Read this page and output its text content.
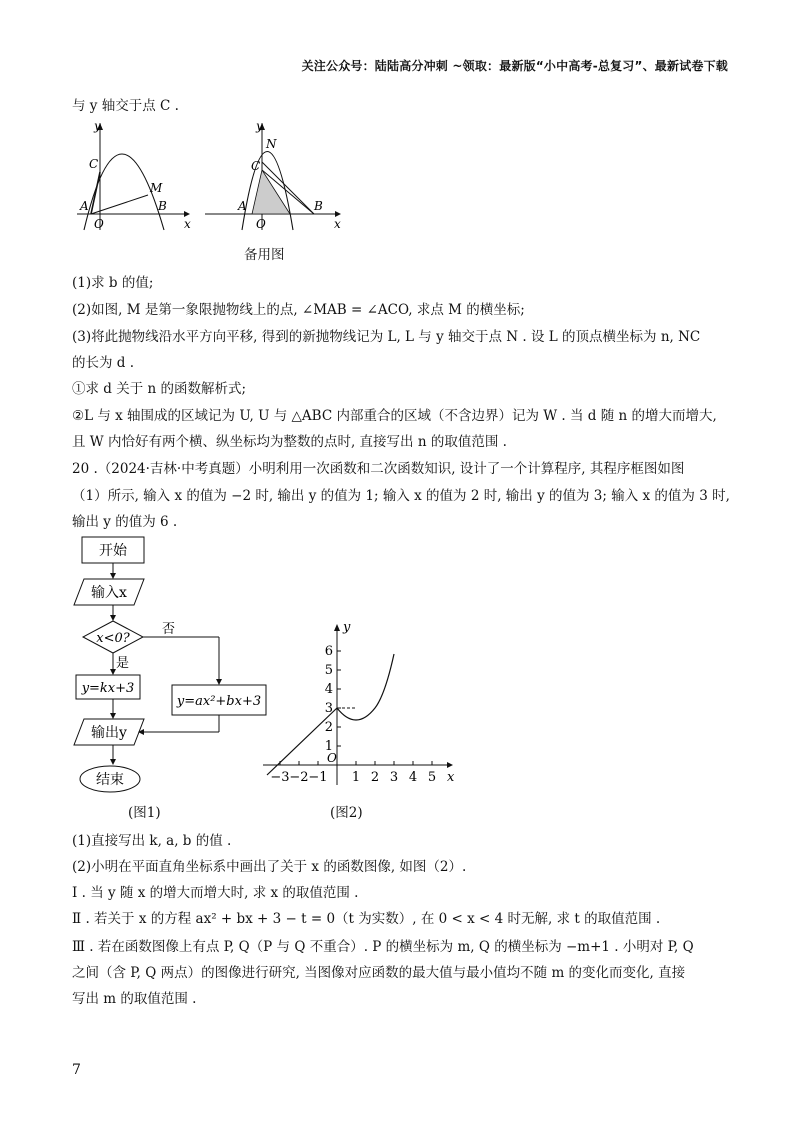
关注公众号：陆陆高分冲刺 ~领取：最新版“小中高考-总复习”、最新试卷下载
与 y 轴交于点 C .
y
x
C
M
A
O
B
y
x
N
C
A
O
B
备用图
(1)求 b 的值;
(2)如图, M 是第一象限抛物线上的点, ∠MAB = ∠ACO, 求点 M 的横坐标;
(3)将此抛物线沿水平方向平移, 得到的新抛物线记为 L, L 与 y 轴交于点 N . 设 L 的顶点横坐标为 n, NC
的长为 d .
①求 d 关于 n 的函数解析式;
②L 与 x 轴围成的区域记为 U, U 与 △ABC 内部重合的区域（不含边界）记为 W . 当 d 随 n 的增大而增大,
且 W 内恰好有两个横、纵坐标均为整数的点时, 直接写出 n 的取值范围 .
20 .（2024·吉林·中考真题）小明利用一次函数和二次函数知识, 设计了一个计算程序, 其程序框图如图
（1）所示, 输入 x 的值为 −2 时, 输出 y 的值为 1; 输入 x 的值为 2 时, 输出 y 的值为 3; 输入 x 的值为 3 时,
输出 y 的值为 6 .
开始
输入x
x<0?
否
是
y=kx+3
y=ax²+bx+3
输出y
结束
(图1)
y
x
O
6
5
4
3
2
1
−3 −2 −1 1 2 3 4 5
(图2)
(1)直接写出 k, a, b 的值 .
(2)小明在平面直角坐标系中画出了关于 x 的函数图像, 如图（2）.
Ⅰ . 当 y 随 x 的增大而增大时, 求 x 的取值范围 .
Ⅱ . 若关于 x 的方程 ax² + bx + 3 − t = 0（t 为实数）, 在 0 < x < 4 时无解, 求 t 的取值范围 .
Ⅲ . 若在函数图像上有点 P, Q（P 与 Q 不重合）. P 的横坐标为 m, Q 的横坐标为 −m+1 . 小明对 P, Q
之间（含 P, Q 两点）的图像进行研究, 当图像对应函数的最大值与最小值均不随 m 的变化而变化, 直接
写出 m 的取值范围 .
7
